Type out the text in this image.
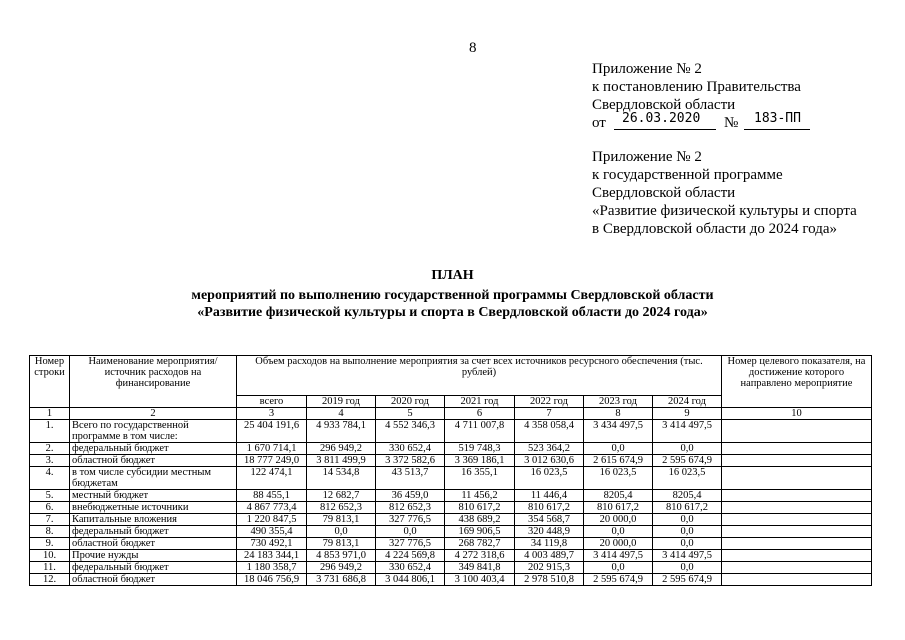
8
Приложение № 2
к постановлению Правительства
Свердловской области
от 26.03.2020 № 183-ПП
Приложение № 2
к государственной программе
Свердловской области
«Развитие физической культуры и спорта
в Свердловской области до 2024 года»
ПЛАН
мероприятий по выполнению государственной программы Свердловской области
«Развитие физической культуры и спорта в Свердловской области до 2024 года»
Номер строки	Наименование мероприятия/ источник расходов на финансирование	Объем расходов на выполнение мероприятия за счет всех источников ресурсного обеспечения (тыс. рублей)							Номер целевого показателя, на достижение которого направлено мероприятие
		всего	2019 год	2020 год	2021 год	2022 год	2023 год	2024 год	
1	2	3	4	5	6	7	8	9	10
1.	Всего по государственной программе в том числе:	25 404 191,6	4 933 784,1	4 552 346,3	4 711 007,8	4 358 058,4	3 434 497,5	3 414 497,5	
2.	федеральный бюджет	1 670 714,1	296 949,2	330 652,4	519 748,3	523 364,2	0,0	0,0	
3.	областной бюджет	18 777 249,0	3 811 499,9	3 372 582,6	3 369 186,1	3 012 630,6	2 615 674,9	2 595 674,9	
4.	в том числе субсидии местным бюджетам	122 474,1	14 534,8	43 513,7	16 355,1	16 023,5	16 023,5	16 023,5	
5.	местный бюджет	88 455,1	12 682,7	36 459,0	11 456,2	11 446,4	8205,4	8205,4	
6.	внебюджетные источники	4 867 773,4	812 652,3	812 652,3	810 617,2	810 617,2	810 617,2	810 617,2	
7.	Капитальные вложения	1 220 847,5	79 813,1	327 776,5	438 689,2	354 568,7	20 000,0	0,0	
8.	федеральный бюджет	490 355,4	0,0	0,0	169 906,5	320 448,9	0,0	0,0	
9.	областной бюджет	730 492,1	79 813,1	327 776,5	268 782,7	34 119,8	20 000,0	0,0	
10.	Прочие нужды	24 183 344,1	4 853 971,0	4 224 569,8	4 272 318,6	4 003 489,7	3 414 497,5	3 414 497,5	
11.	федеральный бюджет	1 180 358,7	296 949,2	330 652,4	349 841,8	202 915,3	0,0	0,0	
12.	областной бюджет	18 046 756,9	3 731 686,8	3 044 806,1	3 100 403,4	2 978 510,8	2 595 674,9	2 595 674,9	
